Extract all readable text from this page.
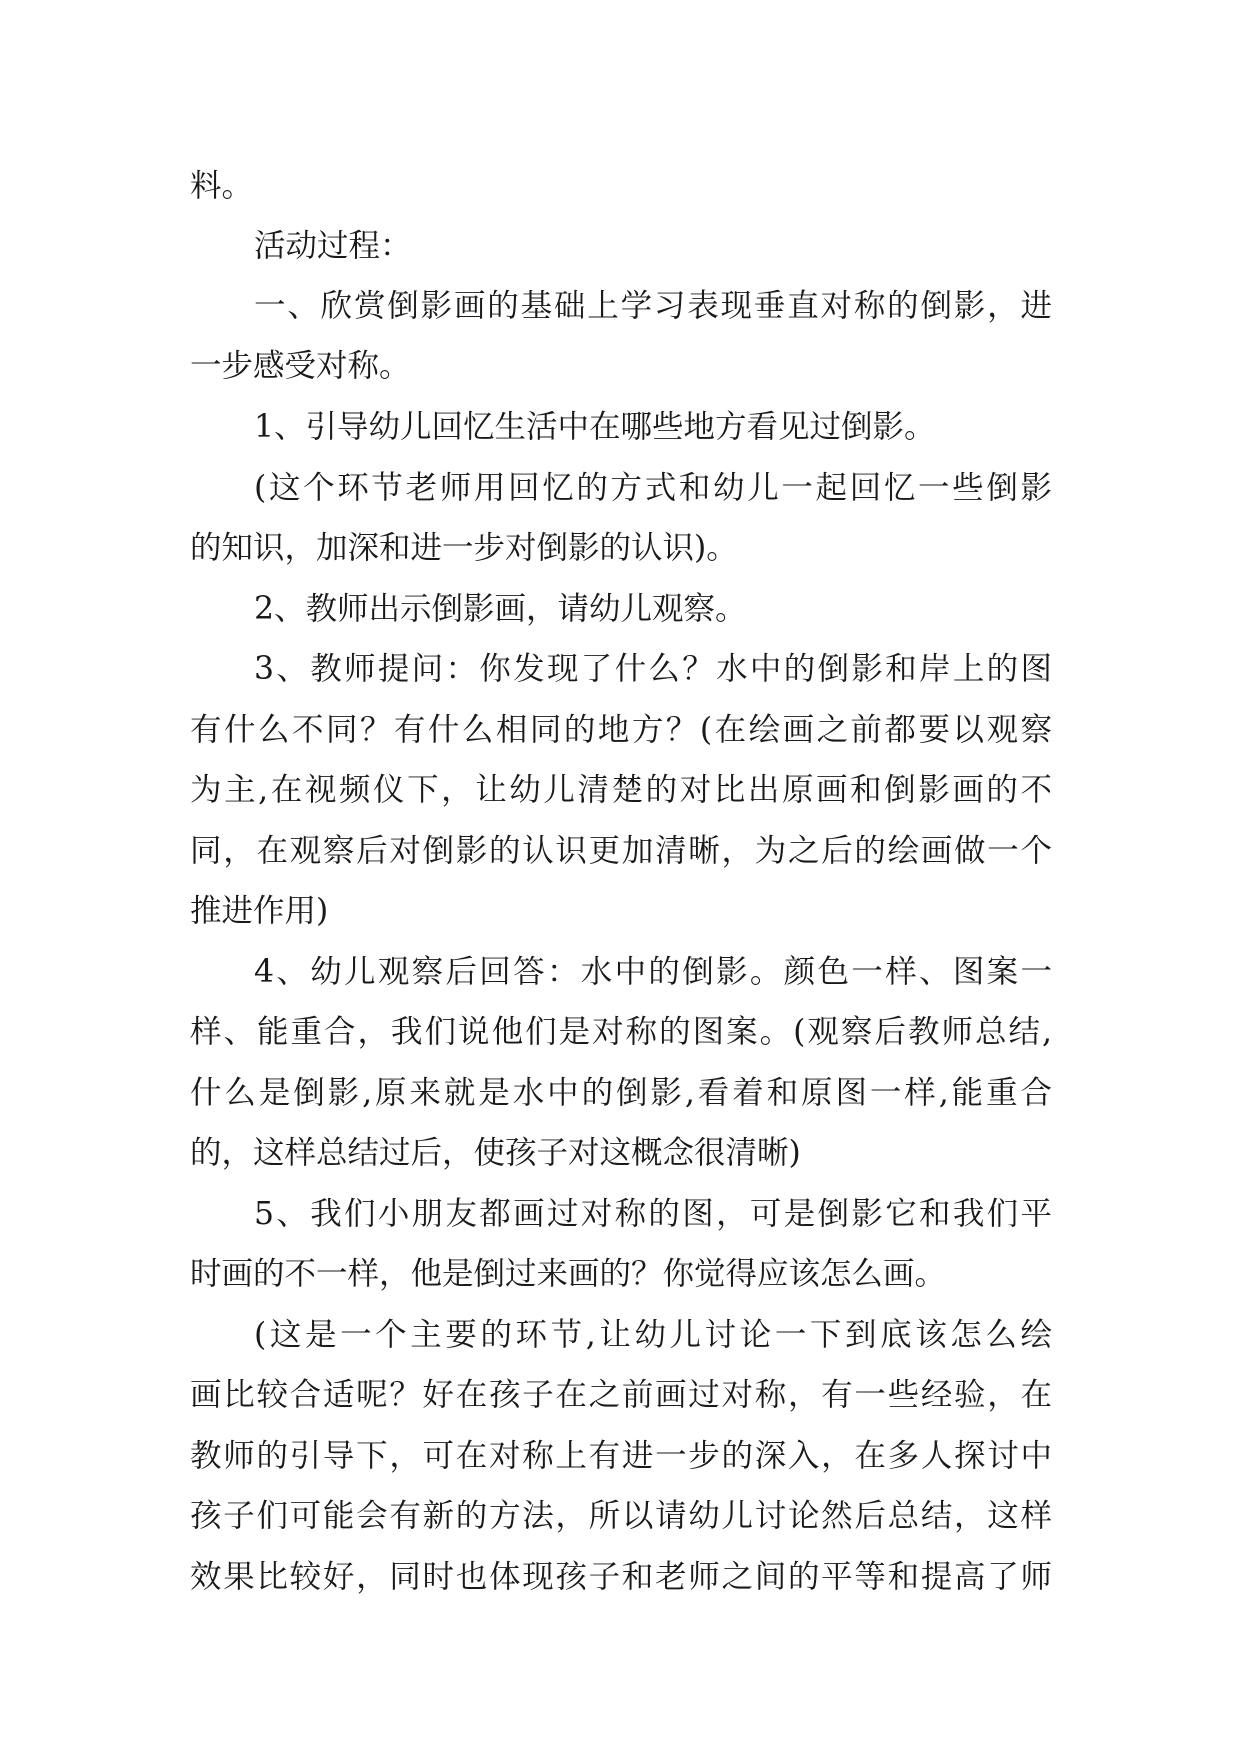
料。
活动过程：
一、欣赏倒影画的基础上学习表现垂直对称的倒影，进
一步感受对称。
1、引导幼儿回忆生活中在哪些地方看见过倒影。
(这个环节老师用回忆的方式和幼儿一起回忆一些倒影
的知识，加深和进一步对倒影的认识)。
2、教师出示倒影画，请幼儿观察。
3、教师提问：你发现了什么？水中的倒影和岸上的图
有什么不同？有什么相同的地方？(在绘画之前都要以观察
为主,在视频仪下，让幼儿清楚的对比出原画和倒影画的不
同，在观察后对倒影的认识更加清晰，为之后的绘画做一个
推进作用)
4、幼儿观察后回答：水中的倒影。颜色一样、图案一
样、能重合，我们说他们是对称的图案。(观察后教师总结,
什么是倒影,原来就是水中的倒影,看着和原图一样,能重合
的，这样总结过后，使孩子对这概念很清晰)
5、我们小朋友都画过对称的图，可是倒影它和我们平
时画的不一样，他是倒过来画的？你觉得应该怎么画。
(这是一个主要的环节,让幼儿讨论一下到底该怎么绘
画比较合适呢？好在孩子在之前画过对称，有一些经验，在
教师的引导下，可在对称上有进一步的深入，在多人探讨中
孩子们可能会有新的方法，所以请幼儿讨论然后总结，这样
效果比较好，同时也体现孩子和老师之间的平等和提高了师
